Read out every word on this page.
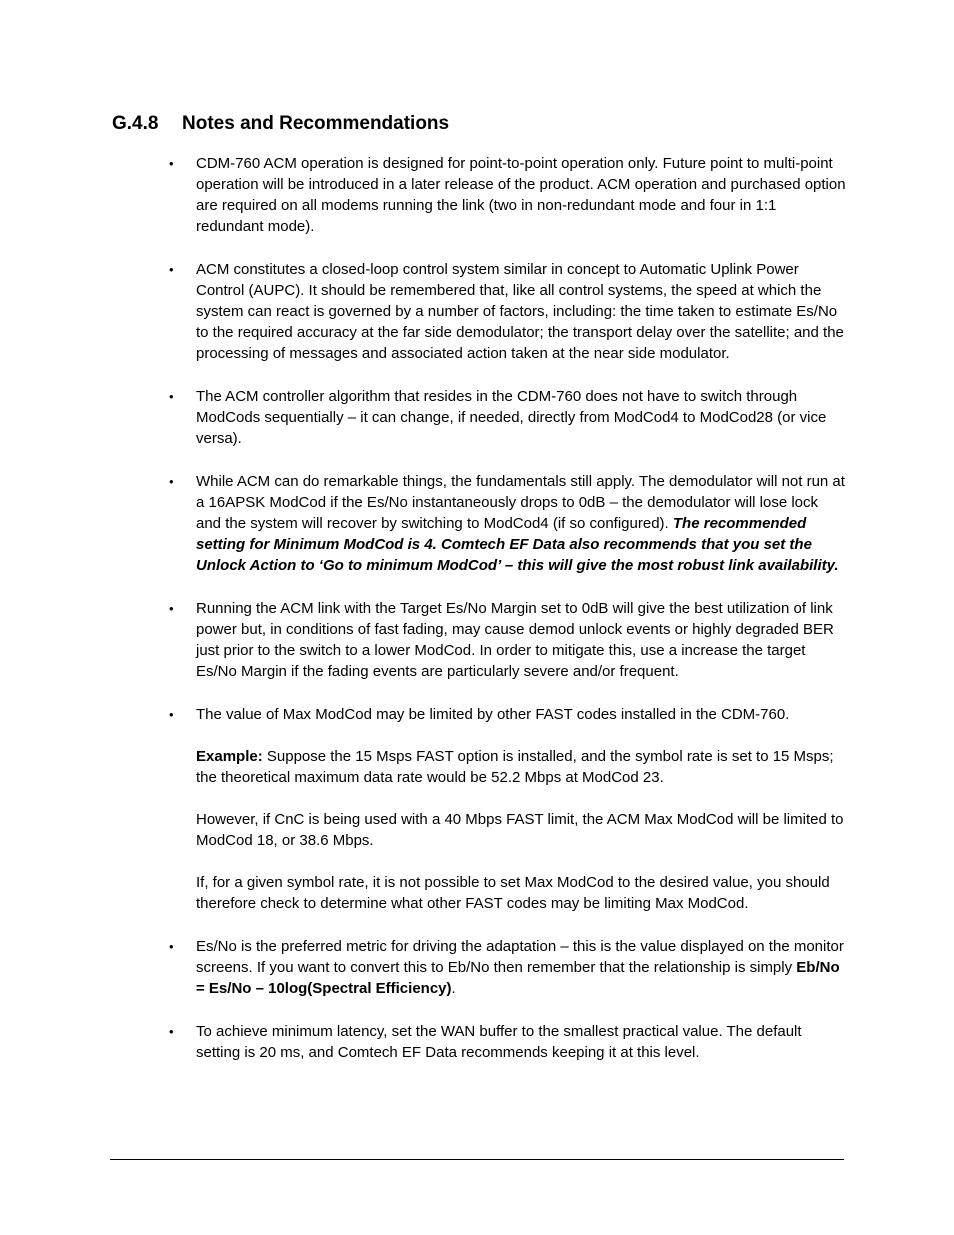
G.4.8 Notes and Recommendations
• CDM-760 ACM operation is designed for point-to-point operation only. Future point to multi-point operation will be introduced in a later release of the product. ACM operation and purchased option are required on all modems running the link (two in non-redundant mode and four in 1:1 redundant mode).

• ACM constitutes a closed-loop control system similar in concept to Automatic Uplink Power Control (AUPC). It should be remembered that, like all control systems, the speed at which the system can react is governed by a number of factors, including: the time taken to estimate Es/No to the required accuracy at the far side demodulator; the transport delay over the satellite; and the processing of messages and associated action taken at the near side modulator.

• The ACM controller algorithm that resides in the CDM-760 does not have to switch through ModCods sequentially – it can change, if needed, directly from ModCod4 to ModCod28 (or vice versa).

• While ACM can do remarkable things, the fundamentals still apply. The demodulator will not run at a 16APSK ModCod if the Es/No instantaneously drops to 0dB – the demodulator will lose lock and the system will recover by switching to ModCod4 (if so configured). The recommended setting for Minimum ModCod is 4. Comtech EF Data also recommends that you set the Unlock Action to ‘Go to minimum ModCod’ – this will give the most robust link availability.

• Running the ACM link with the Target Es/No Margin set to 0dB will give the best utilization of link power but, in conditions of fast fading, may cause demod unlock events or highly degraded BER just prior to the switch to a lower ModCod. In order to mitigate this, use a increase the target Es/No Margin if the fading events are particularly severe and/or frequent.

• The value of Max ModCod may be limited by other FAST codes installed in the CDM-760.

Example: Suppose the 15 Msps FAST option is installed, and the symbol rate is set to 15 Msps; the theoretical maximum data rate would be 52.2 Mbps at ModCod 23.

However, if CnC is being used with a 40 Mbps FAST limit, the ACM Max ModCod will be limited to ModCod 18, or 38.6 Mbps.

If, for a given symbol rate, it is not possible to set Max ModCod to the desired value, you should therefore check to determine what other FAST codes may be limiting Max ModCod.

• Es/No is the preferred metric for driving the adaptation – this is the value displayed on the monitor screens. If you want to convert this to Eb/No then remember that the relationship is simply Eb/No = Es/No – 10log(Spectral Efficiency).

• To achieve minimum latency, set the WAN buffer to the smallest practical value. The default setting is 20 ms, and Comtech EF Data recommends keeping it at this level.
